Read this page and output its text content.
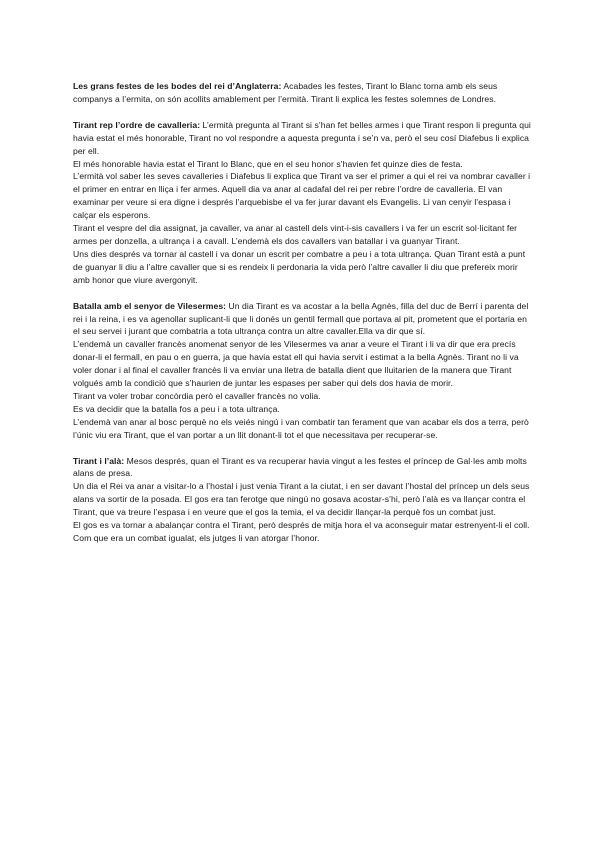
Les grans festes de les bodes del rei d’Anglaterra: Acabades les festes, Tirant lo Blanc torna amb els seus companys a l’ermita, on són acollits amablement per l’ermità. Tirant li explica les festes solemnes de Londres.

Tirant rep l’ordre de cavalleria: L’ermità pregunta al Tirant si s’han fet belles armes i que Tirant respon li pregunta qui havia estat el més honorable, Tirant no vol respondre a aquesta pregunta i se’n va, però el seu cosí Diafebus li explica per ell.

El més honorable havia estat el Tirant lo Blanc, que en el seu honor s’havien fet quinze dies de festa.

L’ermità vol saber les seves cavalleries i Diafebus li explica que Tirant va ser el primer a qui el rei va nombrar cavaller i el primer en entrar en lliça i fer armes. Aquell dia va anar al cadafal del rei per rebre l’ordre de cavalleria. El van examinar per veure si era digne i després l’arquebisbe el va fer jurar davant els Evangelis. Li van cenyir l’espasa i calçar els esperons.

Tirant el vespre del dia assignat, ja cavaller, va anar al castell dels vint-i-sis cavallers i va fer un escrit sol·licitant fer armes per donzella, a ultrança i a cavall. L’endemà els dos cavallers van batallar i va guanyar Tirant.

Uns dies després va tornar al castell i va donar un escrit per combatre a peu i a tota ultrança. Quan Tirant està a punt de guanyar li diu a l’altre cavaller que si es rendeix li perdonaria la vida però l’altre cavaller li diu que prefereix morir amb honor que viure avergonyit.

Batalla amb el senyor de Vilesermes: Un dia Tirant es va acostar a la bella Agnès, filla del duc de Berrí i parenta del rei i la reina, i es va agenollar suplicant-li que li donés un gentil fermall que portava al pit, prometent que el portaria en el seu servei i jurant que combatria a tota ultrança contra un altre cavaller.Ella va dir que sí.

L’endemà un cavaller francès anomenat senyor de les Vilesermes va anar a veure el Tirant i li va dir que era precís donar-li el fermall, en pau o en guerra, ja que havia estat ell qui havia servit i estimat a la bella Agnès. Tirant no li va voler donar i al final el cavaller francès li va enviar una lletra de batalla dient que lluitarien de la manera que Tirant volgués amb la condició que s’haurien de juntar les espases per saber qui dels dos havia de morir.

Tirant va voler trobar concòrdia però el cavaller francès no volia.

Es va decidir que la batalla fos a peu i a tota ultrança.

L’endemà van anar al bosc perquè no els veiés ningú i van combatir tan ferament que van acabar els dos a terra, però l’únic viu era Tirant, que el van portar a un llit donant-li tot el que necessitava per recuperar-se.

Tirant i l’alà: Mesos després, quan el Tirant es va recuperar havia vingut a les festes el príncep de Gal·les amb molts alans de presa.

Un dia el Rei va anar a visitar-lo a l’hostal i just venia Tirant a la ciutat, i en ser davant l’hostal del príncep un dels seus alans va sortir de la posada. El gos era tan ferotge que ningú no gosava acostar-s’hi, però l’alà es va llançar contra el Tirant, que va treure l’espasa i en veure que el gos la temia, el va decidir llançar-la perquè fos un combat just.

El gos es va tornar a abalançar contra el Tirant, però després de mitja hora el va aconseguir matar estrenyent-li el coll.

Com que era un combat igualat, els jutges li van atorgar l’honor.
